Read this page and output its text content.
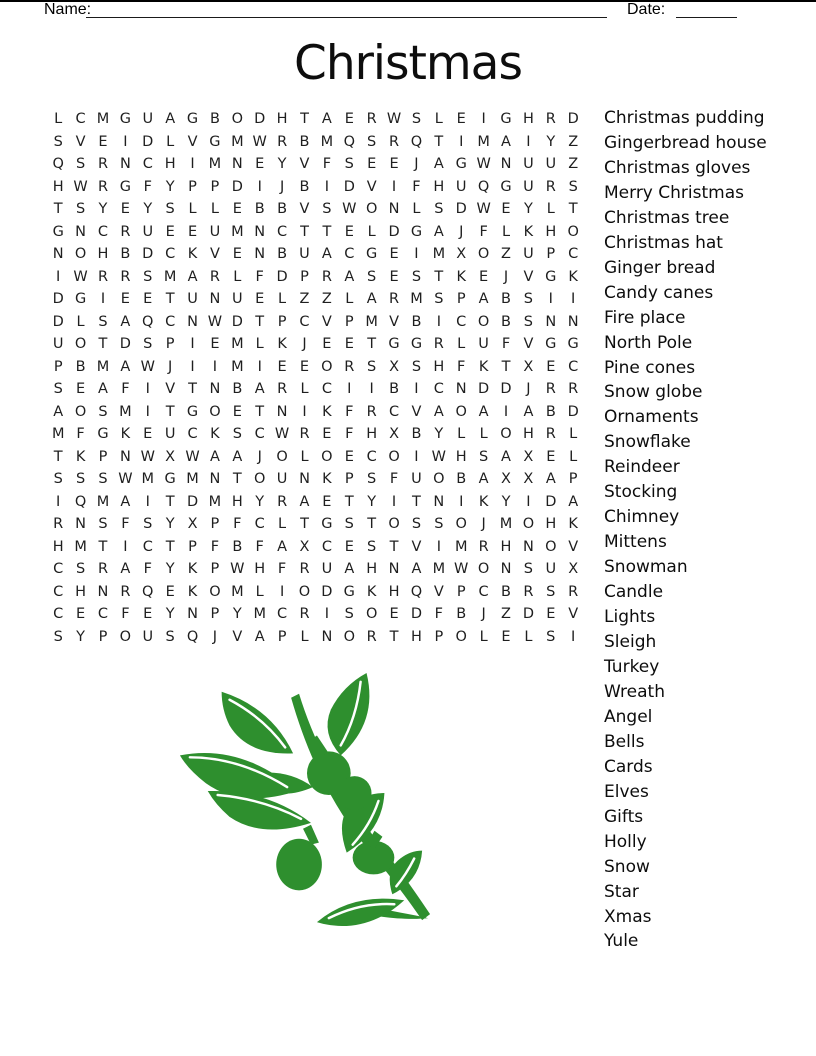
Name:	Date:
Christmas
L C M G U A G B O D H T A E R W S L E	I	G H R D
S V E	I	D L V G M W R B M Q S R Q T	I M A	I	Y Z
Q S R N C H	I M N E Y V F S E E	J	A G W N U U Z
H W R G F Y P P D	I	J	B	I	D V	I	F H U Q G U R S
T S Y E Y S L L E B B V S W O N L S D W E Y L T
G N C R U E E U M N C T T E L D G A	J	F L K H O
N O H B D C K V E N B U A C G E	I M X O Z U P C
I W R R S M A R L F D P R A S E S T K E	J	V G K
D G	I	E E T U N U E L Z Z L A R M S P A B S	I	I
D L S A Q C N W D T P C V P M V B	I	C O B S N N
U O T D S P	I	E M L K	J	E E T G G R L U F V G G
P B M A W J	I	I M I	E E O R S X S H F K T X E C
S E A F	I	V T N B A R L C	I	I	B	I	C N D D	J	R R
A O S M I	T G O E T N	I	K F R C V A O A	I	A B D
M F G K E U C K S C W R E F H X B Y L L O H R L
T K P N W X W A A	J	O L O E C O	I W H S A X E L
S S S W M G M N T O U N K P S F U O B A X X A P
I	Q M A	I	T D M H Y R A E T Y	I	T N	I	K Y	I	D A
R N S F S Y X P F C L T G S T O S S O	J M O H K
H M T	I	C T P F B F A X C E S T V	I M R H N O V
C S R A F Y K P W H F R U A H N A M W O N S U X
C H N R Q E K O M L	I	O D G K H Q V P C B R S R
C E C F E Y N P Y M C R	I	S O E D F B	J	Z D E V
S Y P O U S Q	J	V A P L N O R T H P O L E L S	I
Christmas pudding
Gingerbread house
Christmas gloves
Merry Christmas
Christmas tree
Christmas hat
Ginger bread
Candy canes
Fire place
North Pole
Pine cones
Snow globe
Ornaments
Snowflake
Reindeer
Stocking
Chimney
Mittens
Snowman
Candle
Lights
Sleigh
Turkey
Wreath
Angel
Bells
Cards
Elves
Gifts
Holly
Snow
Star
Xmas
Yule
